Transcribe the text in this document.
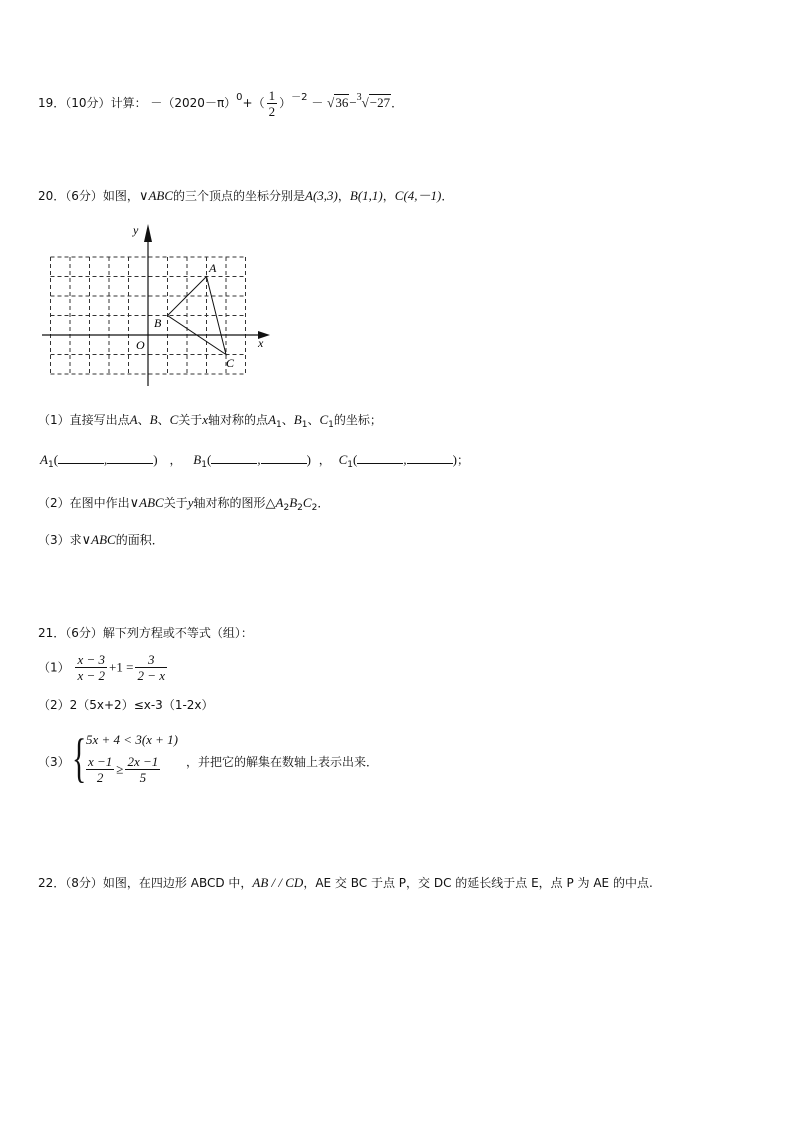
19．（10分）计算： $-(2020-\pi)^0+( \frac{1}{2} )^{-2} - √36-^3√-27$．
20．（6分）如图，∨ABC的三个顶点的坐标分别是A(3,3)，B(1,1)，C(4,－1)．
x
y
O
A
B
C
（1）直接写出点A、B、C关于x轴对称的点$A_1$、$B_1$、$C_1$的坐标；
$A_1$(	,	) ， $B_1$(	,	) ， $C_1$(	,	)；
（2）在图中作出∨ABC关于y轴对称的图形$\triangle A_2B_2C_2$．
（3）求∨ABC的面积．
21．（6分）解下列方程或不等式（组）：
$(1) \frac{x - 3}{x - 2} +1 = \frac{3}{2 - x}$
（2）2（5x+2）≤x-3（1-2x）
（3） { 5x + 4 < 3(x + 1)
$\frac{x -1}{2} \ge \frac{2x -1}{5}$ ，并把它的解集在数轴上表示出来．
22．（8分）如图，在四边形 ABCD 中，AB / / CD，AE 交 BC 于点 P，交 DC 的延长线于点 E，点 P 为 AE 的中点.
